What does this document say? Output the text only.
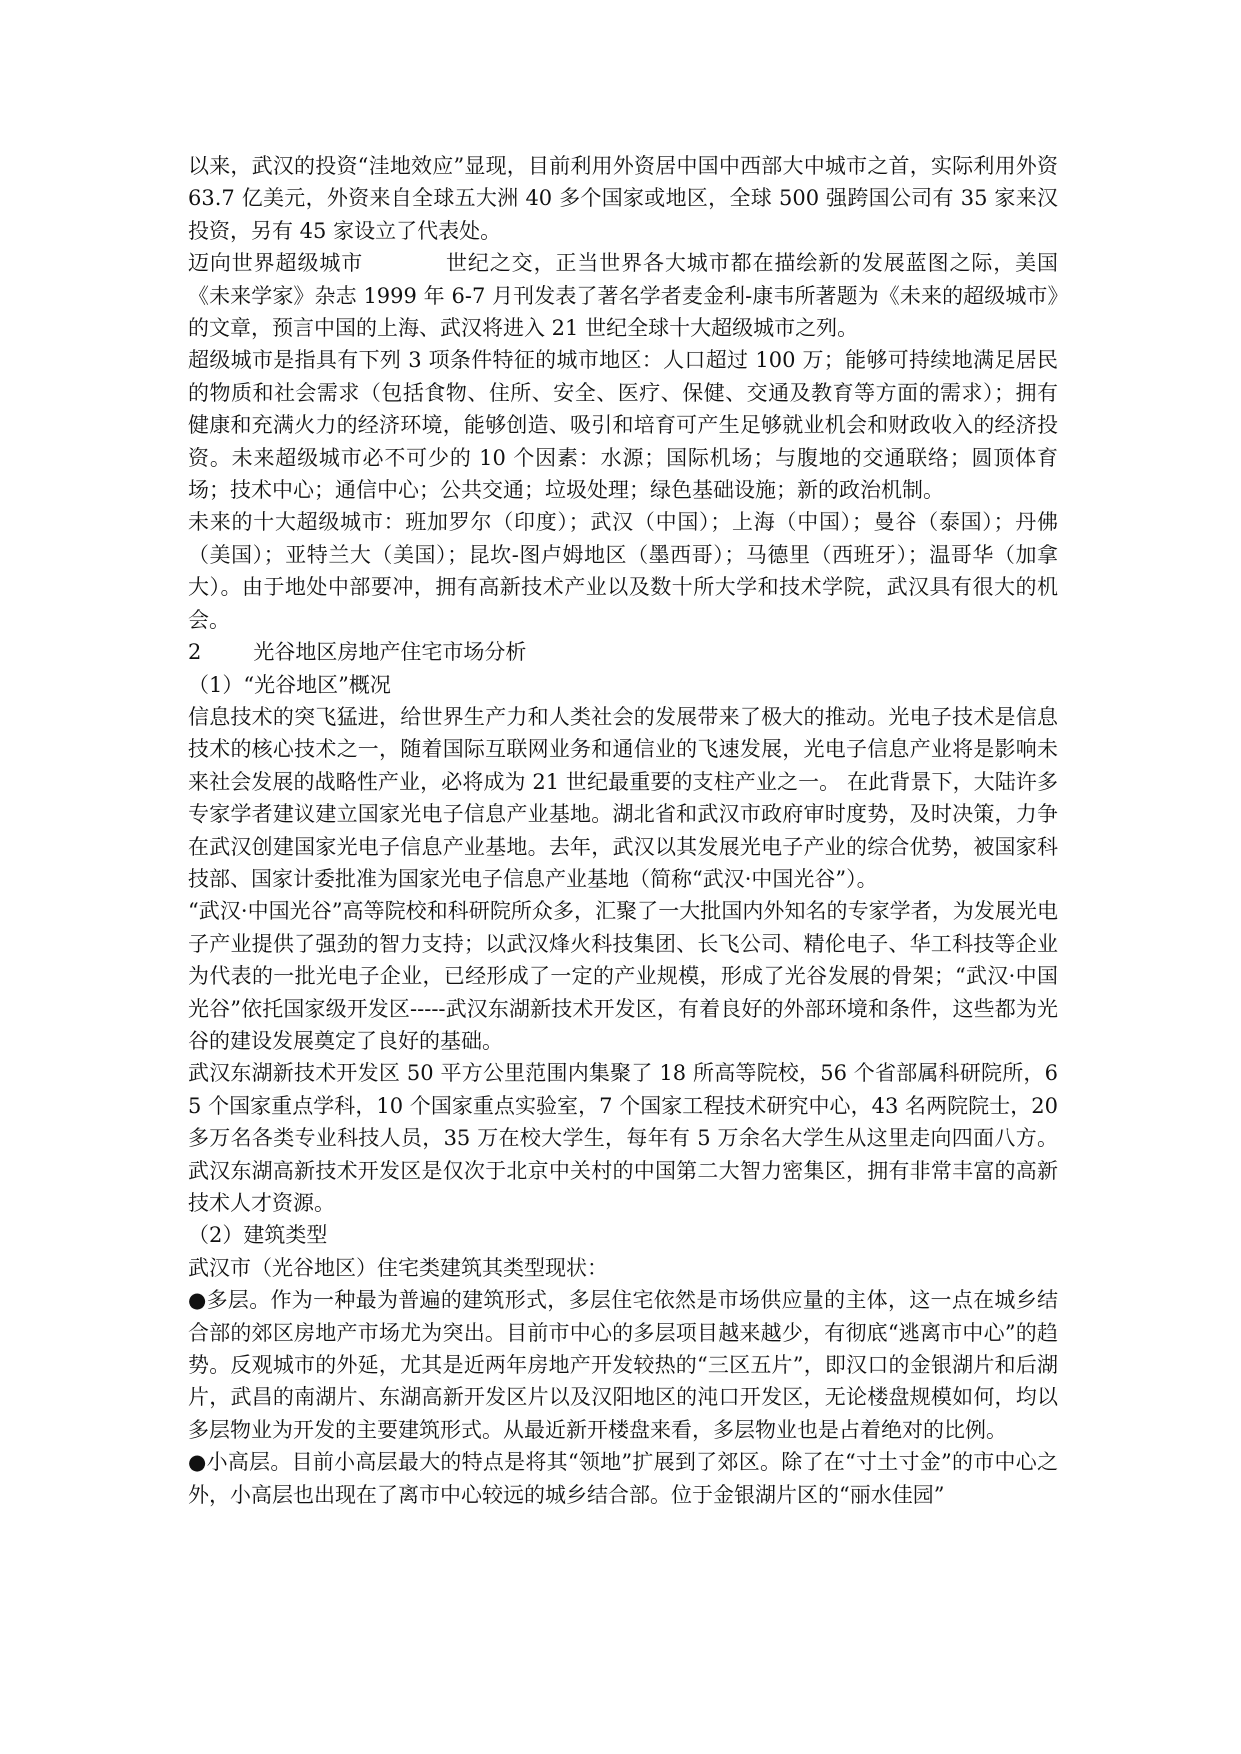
以来，武汉的投资“洼地效应”显现，目前利用外资居中国中西部大中城市之首，实际利用外资 63.7 亿美元，外资来自全球五大洲 40 多个国家或地区，全球 500 强跨国公司有 35 家来汉投资，另有 45 家设立了代表处。

迈向世界超级城市	世纪之交，正当世界各大城市都在描绘新的发展蓝图之际，美国《未来学家》杂志 1999 年 6-7 月刊发表了著名学者麦金利-康韦所著题为《未来的超级城市》的文章，预言中国的上海、武汉将进入 21 世纪全球十大超级城市之列。

超级城市是指具有下列 3 项条件特征的城市地区：人口超过 100 万；能够可持续地满足居民的物质和社会需求（包括食物、住所、安全、医疗、保健、交通及教育等方面的需求）；拥有健康和充满火力的经济环境，能够创造、吸引和培育可产生足够就业机会和财政收入的经济投资。未来超级城市必不可少的 10 个因素：水源；国际机场；与腹地的交通联络；圆顶体育场；技术中心；通信中心；公共交通；垃圾处理；绿色基础设施；新的政治机制。

未来的十大超级城市：班加罗尔（印度）；武汉（中国）；上海（中国）；曼谷（泰国）；丹佛（美国）；亚特兰大（美国）；昆坎-图卢姆地区（墨西哥）；马德里（西班牙）；温哥华（加拿大）。由于地处中部要冲，拥有高新技术产业以及数十所大学和技术学院，武汉具有很大的机会。

2 光谷地区房地产住宅市场分析

（1）“光谷地区”概况

信息技术的突飞猛进，给世界生产力和人类社会的发展带来了极大的推动。光电子技术是信息技术的核心技术之一，随着国际互联网业务和通信业的飞速发展，光电子信息产业将是影响未来社会发展的战略性产业，必将成为 21 世纪最重要的支柱产业之一。 在此背景下，大陆许多专家学者建议建立国家光电子信息产业基地。湖北省和武汉市政府审时度势，及时决策，力争在武汉创建国家光电子信息产业基地。去年，武汉以其发展光电子产业的综合优势，被国家科技部、国家计委批准为国家光电子信息产业基地（简称“武汉·中国光谷”）。

“武汉·中国光谷”高等院校和科研院所众多，汇聚了一大批国内外知名的专家学者，为发展光电子产业提供了强劲的智力支持；以武汉烽火科技集团、长飞公司、精伦电子、华工科技等企业为代表的一批光电子企业，已经形成了一定的产业规模，形成了光谷发展的骨架；“武汉·中国光谷”依托国家级开发区-----武汉东湖新技术开发区，有着良好的外部环境和条件，这些都为光谷的建设发展奠定了良好的基础。

武汉东湖新技术开发区 50 平方公里范围内集聚了 18 所高等院校，56 个省部属科研院所，65 个国家重点学科，10 个国家重点实验室，7 个国家工程技术研究中心，43 名两院院士，20 多万名各类专业科技人员，35 万在校大学生，每年有 5 万余名大学生从这里走向四面八方。武汉东湖高新技术开发区是仅次于北京中关村的中国第二大智力密集区，拥有非常丰富的高新技术人才资源。

（2）建筑类型

武汉市（光谷地区）住宅类建筑其类型现状：

●多层。作为一种最为普遍的建筑形式，多层住宅依然是市场供应量的主体，这一点在城乡结合部的郊区房地产市场尤为突出。目前市中心的多层项目越来越少，有彻底“逃离市中心”的趋势。反观城市的外延，尤其是近两年房地产开发较热的“三区五片”，即汉口的金银湖片和后湖片，武昌的南湖片、东湖高新开发区片以及汉阳地区的沌口开发区，无论楼盘规模如何，均以多层物业为开发的主要建筑形式。从最近新开楼盘来看，多层物业也是占着绝对的比例。

●小高层。目前小高层最大的特点是将其“领地”扩展到了郊区。除了在“寸土寸金”的市中心之外，小高层也出现在了离市中心较远的城乡结合部。位于金银湖片区的“丽水佳园”
